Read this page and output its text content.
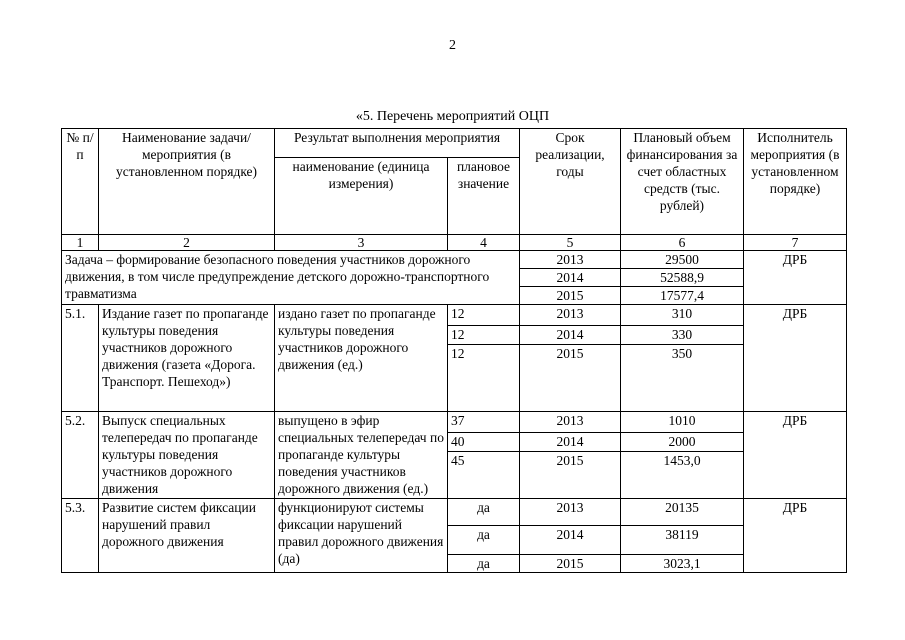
2
«5. Перечень мероприятий ОЦП
№ п/п	Наименование задачи/мероприятия (в установленном порядке)	Результат выполнения мероприятия		Срок реализации, годы	Плановый объем финансирования за счет областных средств (тыс. рублей)	Исполнитель мероприятия (в установленном порядке)
		наименование (единица измерения)	плановое значение			
1	2	3	4	5	6	7
Задача – формирование безопасного поведения участников дорожного движения, в том числе предупреждение детского дорожно-транспортного травматизма				2013	29500	ДРБ
				2014	52588,9	
				2015	17577,4	
5.1.	Издание газет по пропаганде культуры поведения участников дорожного движения (газета «Дорога. Транспорт. Пешеход»)	издано газет по пропаганде культуры поведения участников дорожного движения (ед.)	12	2013	310	ДРБ
			12	2014	330	
			12	2015	350	
5.2.	Выпуск специальных телепередач по пропаганде культуры поведения участников дорожного движения	выпущено в эфир специальных телепередач по пропаганде культуры поведения участников дорожного движения (ед.)	37	2013	1010	ДРБ
			40	2014	2000	
			45	2015	1453,0	
5.3.	Развитие систем фиксации нарушений правил дорожного движения	функционируют системы фиксации нарушений правил дорожного движения (да)	да	2013	20135	ДРБ
			да	2014	38119	
			да	2015	3023,1	
